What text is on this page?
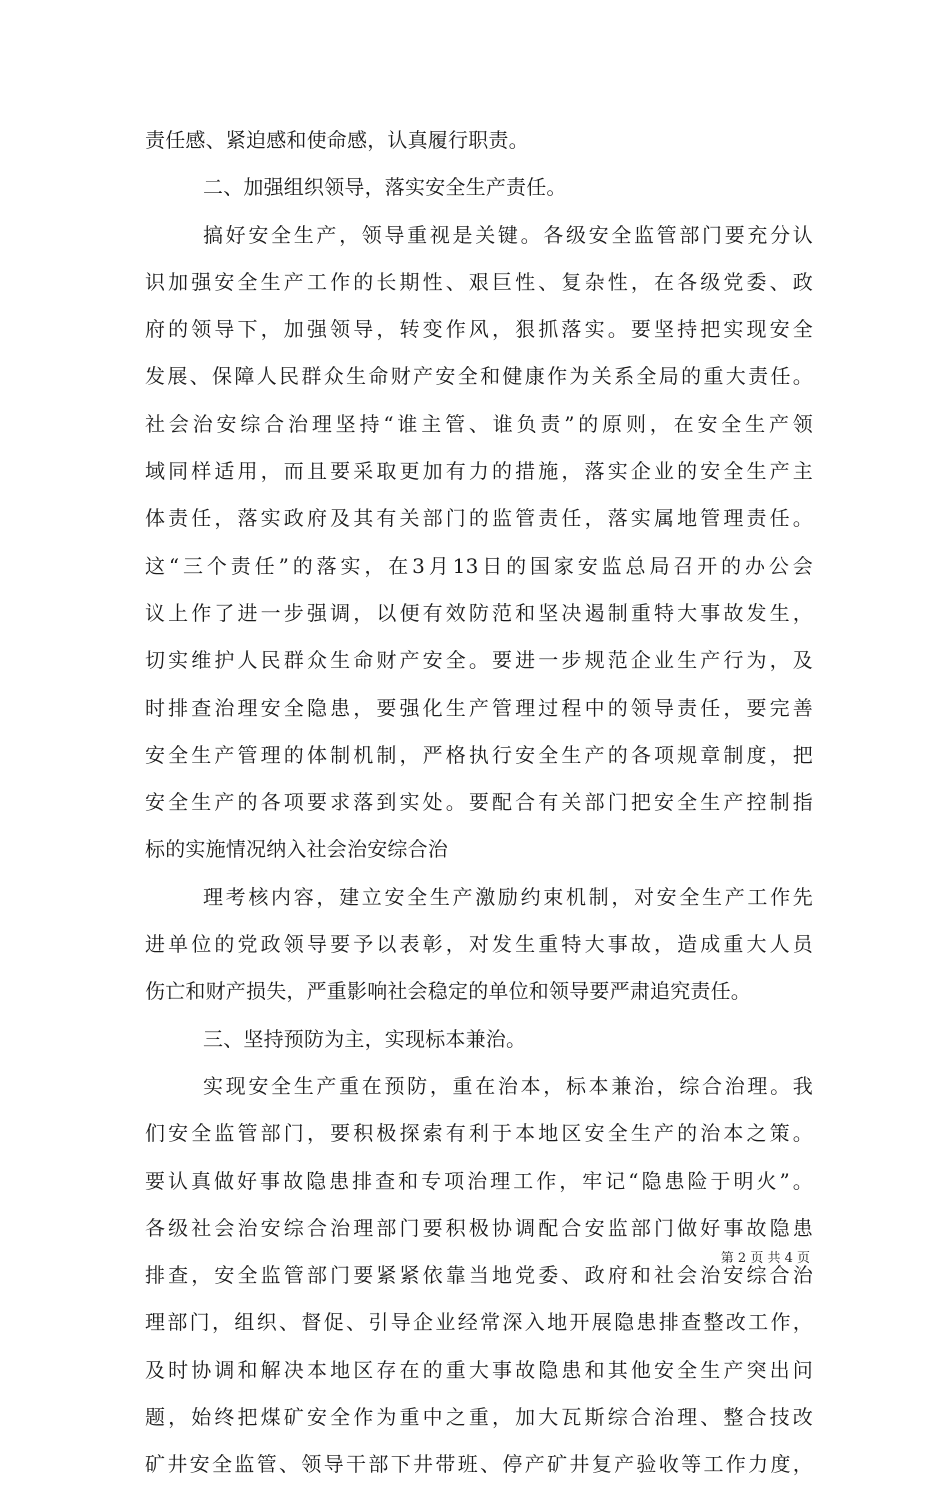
责任感、紧迫感和使命感，认真履行职责。
二、加强组织领导，落实安全生产责任。
搞好安全生产，领导重视是关键。各级安全监管部门要充分认
识加强安全生产工作的长期性、艰巨性、复杂性，在各级党委、政
府的领导下，加强领导，转变作风，狠抓落实。要坚持把实现安全
发展、保障人民群众生命财产安全和健康作为关系全局的重大责任。
社会治安综合治理坚持“谁主管、谁负责”的原则，在安全生产领
域同样适用，而且要采取更加有力的措施，落实企业的安全生产主
体责任，落实政府及其有关部门的监管责任，落实属地管理责任。
这“三个责任”的落实，在3月13日的国家安监总局召开的办公会
议上作了进一步强调，以便有效防范和坚决遏制重特大事故发生，
切实维护人民群众生命财产安全。要进一步规范企业生产行为，及
时排查治理安全隐患，要强化生产管理过程中的领导责任，要完善
安全生产管理的体制机制，严格执行安全生产的各项规章制度，把
安全生产的各项要求落到实处。要配合有关部门把安全生产控制指
标的实施情况纳入社会治安综合治
理考核内容，建立安全生产激励约束机制，对安全生产工作先
进单位的党政领导要予以表彰，对发生重特大事故，造成重大人员
伤亡和财产损失，严重影响社会稳定的单位和领导要严肃追究责任。
三、坚持预防为主，实现标本兼治。
实现安全生产重在预防，重在治本，标本兼治，综合治理。我
们安全监管部门，要积极探索有利于本地区安全生产的治本之策。
要认真做好事故隐患排查和专项治理工作，牢记“隐患险于明火”。
各级社会治安综合治理部门要积极协调配合安监部门做好事故隐患
排查，安全监管部门要紧紧依靠当地党委、政府和社会治安综合治
理部门，组织、督促、引导企业经常深入地开展隐患排查整改工作，
及时协调和解决本地区存在的重大事故隐患和其他安全生产突出问
题，始终把煤矿安全作为重中之重，加大瓦斯综合治理、整合技改
矿井安全监管、领导干部下井带班、停产矿井复产验收等工作力度，
第 2 页 共 4 页
